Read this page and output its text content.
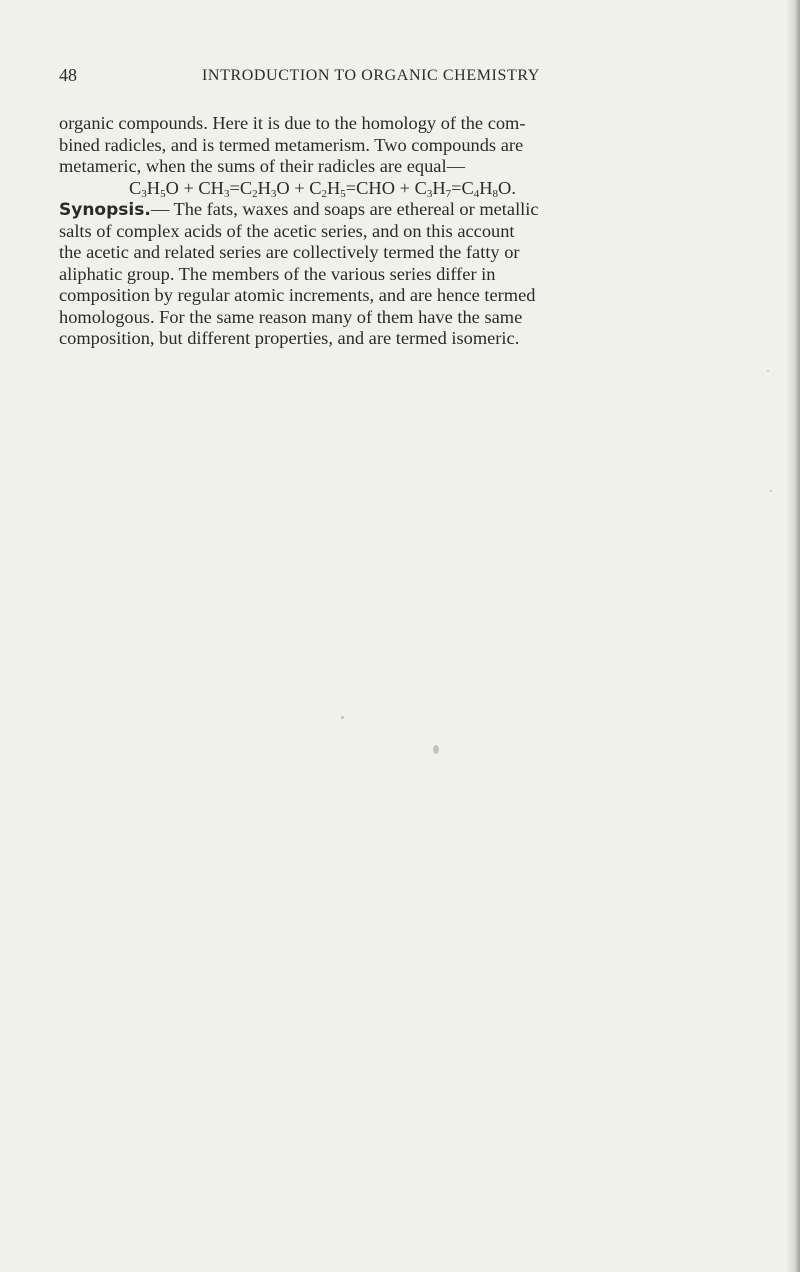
48	INTRODUCTION TO ORGANIC CHEMISTRY
organic compounds. Here it is due to the homology of the com-
bined radicles, and is termed metamerism. Two compounds are
metameric, when the sums of their radicles are equal—
$C_3H_5O + CH_3=C_2H_3O + C_2H_5=CHO + C_3H_7=C_4H_8O$.
Synopsis.— The fats, waxes and soaps are ethereal or metallic
salts of complex acids of the acetic series, and on this account
the acetic and related series are collectively termed the fatty or
aliphatic group. The members of the various series differ in
composition by regular atomic increments, and are hence termed
homologous. For the same reason many of them have the same
composition, but different properties, and are termed isomeric.
